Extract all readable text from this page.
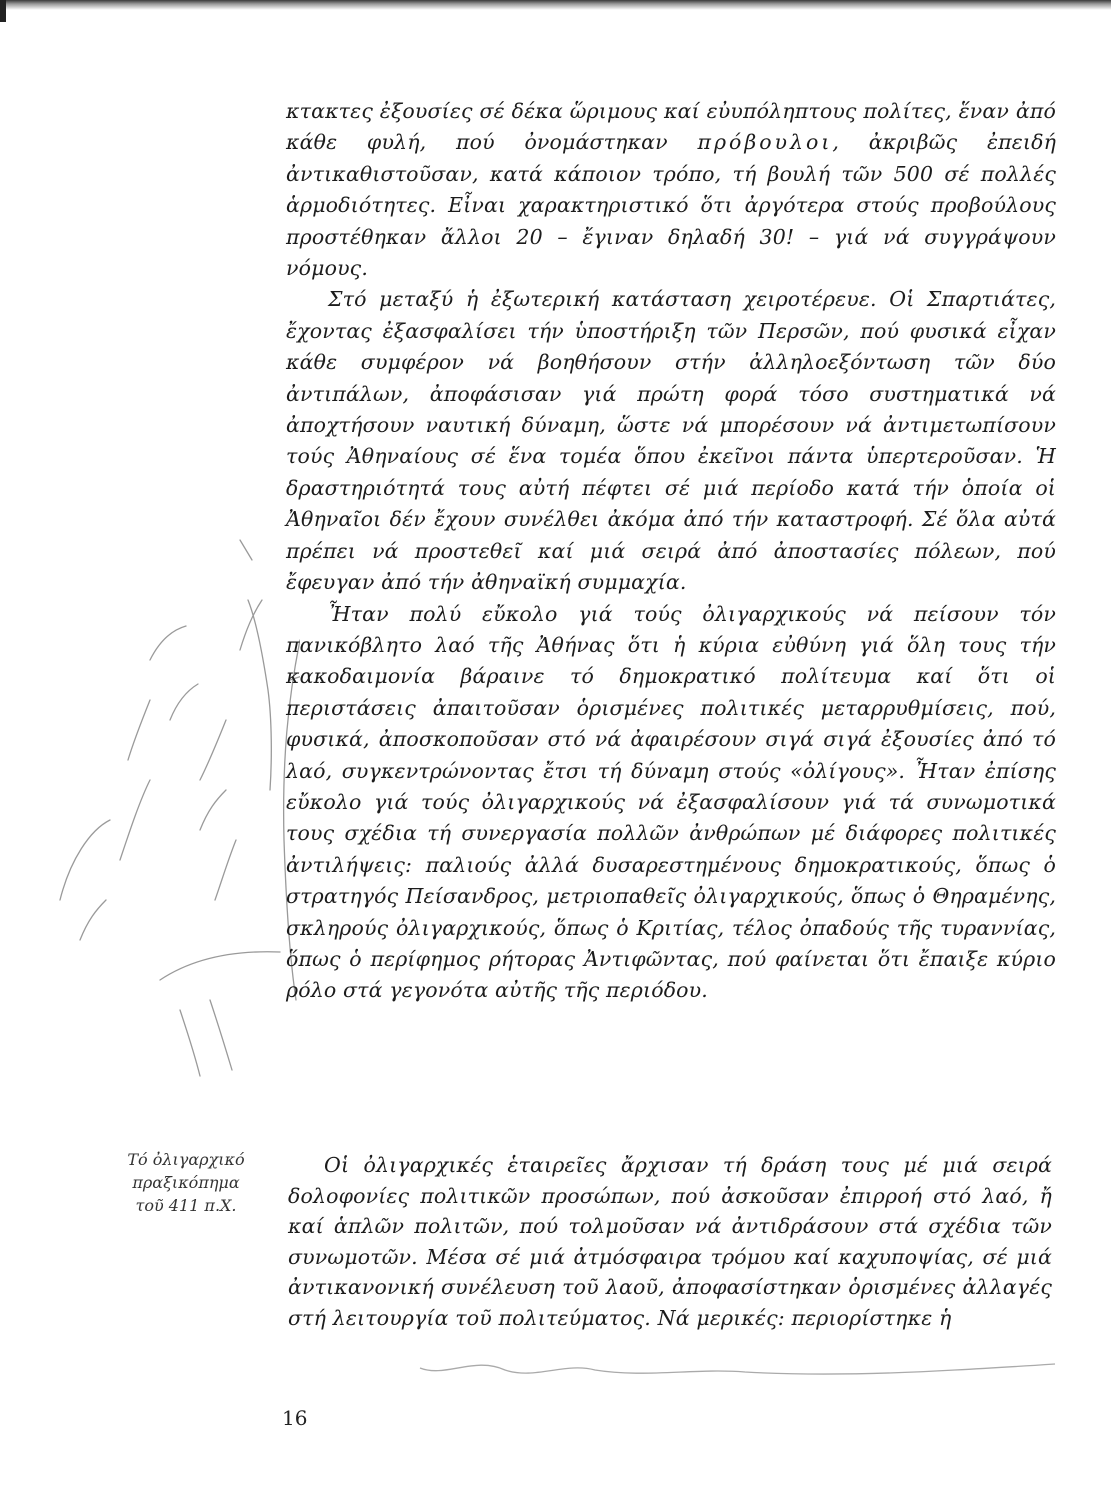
κτακτες ἐξουσίες σέ δέκα ὥριμους καί εὐυπόληπτους πολίτες, ἕναν ἀπό κάθε φυλή, πού ὀνομάστηκαν πρόβουλοι, ἀκριβῶς ἐπειδή ἀντικαθιστοῦσαν, κατά κάποιον τρόπο, τή βουλή τῶν 500 σέ πολλές ἁρμοδιότητες. Εἶναι χαρακτηριστικό ὅτι ἀργότερα στούς προβούλους προστέθηκαν ἄλλοι 20 – ἔγιναν δηλαδή 30! – γιά νά συγγράψουν νόμους.

Στό μεταξύ ἡ ἐξωτερική κατάσταση χειροτέρευε. Οἱ Σπαρτιάτες, ἔχοντας ἐξασφαλίσει τήν ὑποστήριξη τῶν Περσῶν, πού φυσικά εἶχαν κάθε συμφέρον νά βοηθήσουν στήν ἀλληλοεξόντωση τῶν δύο ἀντιπάλων, ἀποφάσισαν γιά πρώτη φορά τόσο συστηματικά νά ἀποχτήσουν ναυτική δύναμη, ὥστε νά μπορέσουν νά ἀντιμετωπίσουν τούς Ἀθηναίους σέ ἕνα τομέα ὅπου ἐκεῖνοι πάντα ὑπερτεροῦσαν. Ἡ δραστηριότητά τους αὐτή πέφτει σέ μιά περίοδο κατά τήν ὁποία οἱ Ἀθηναῖοι δέν ἔχουν συνέλθει ἀκόμα ἀπό τήν καταστροφή. Σέ ὅλα αὐτά πρέπει νά προστεθεῖ καί μιά σειρά ἀπό ἀποστασίες πόλεων, πού ἔφευγαν ἀπό τήν ἀθηναϊκή συμμαχία.

Ἦταν πολύ εὔκολο γιά τούς ὀλιγαρχικούς νά πείσουν τόν πανικόβλητο λαό τῆς Ἀθήνας ὅτι ἡ κύρια εὐθύνη γιά ὅλη τους τήν κακοδαιμονία βάραινε τό δημοκρατικό πολίτευμα καί ὅτι οἱ περιστάσεις ἀπαιτοῦσαν ὁρισμένες πολιτικές μεταρρυθμίσεις, πού, φυσικά, ἀποσκοποῦσαν στό νά ἀφαιρέσουν σιγά σιγά ἐξουσίες ἀπό τό λαό, συγκεντρώνοντας ἔτσι τή δύναμη στούς «ὀλίγους». Ἦταν ἐπίσης εὔκολο γιά τούς ὀλιγαρχικούς νά ἐξασφαλίσουν γιά τά συνωμοτικά τους σχέδια τή συνεργασία πολλῶν ἀνθρώπων μέ διάφορες πολιτικές ἀντιλήψεις: παλιούς ἀλλά δυσαρεστημένους δημοκρατικούς, ὅπως ὁ στρατηγός Πείσανδρος, μετριοπαθεῖς ὀλιγαρχικούς, ὅπως ὁ Θηραμένης, σκληρούς ὀλιγαρχικούς, ὅπως ὁ Κριτίας, τέλος ὀπαδούς τῆς τυραννίας, ὅπως ὁ περίφημος ρήτορας Ἀντιφῶντας, πού φαίνεται ὅτι ἔπαιξε κύριο ρόλο στά γεγονότα αὐτῆς τῆς περιόδου.

Τό ὀλιγαρχικό
πραξικόπημα
τοῦ 411 π.Χ.

Οἱ ὀλιγαρχικές ἑταιρεῖες ἄρχισαν τή δράση τους μέ μιά σειρά δολοφονίες πολιτικῶν προσώπων, πού ἀσκοῦσαν ἐπιρροή στό λαό, ἤ καί ἁπλῶν πολιτῶν, πού τολμοῦσαν νά ἀντιδράσουν στά σχέδια τῶν συνωμοτῶν. Μέσα σέ μιά ἀτμόσφαιρα τρόμου καί καχυποψίας, σέ μιά ἀντικανονική συνέλευση τοῦ λαοῦ, ἀποφασίστηκαν ὁρισμένες ἀλλαγές στή λειτουργία τοῦ πολιτεύματος. Νά μερικές: περιορίστηκε ἡ

16
